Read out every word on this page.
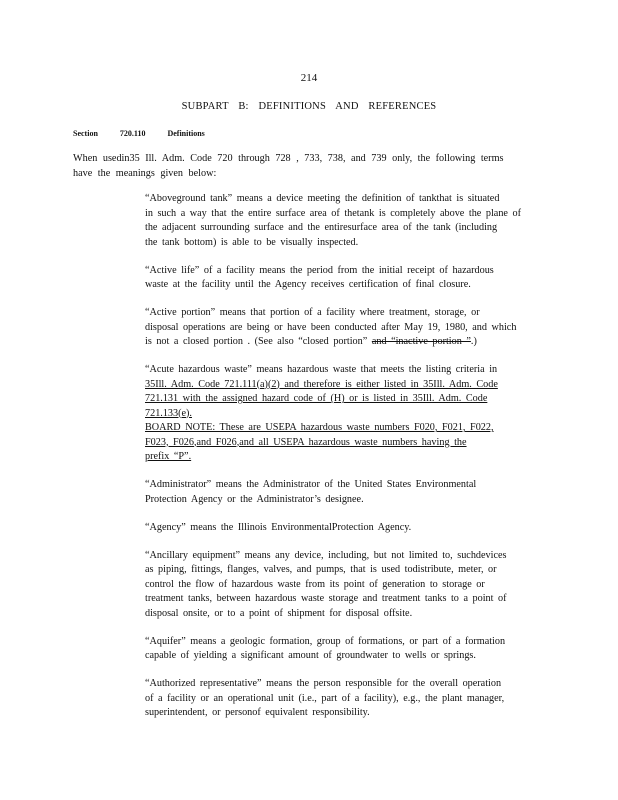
214
SUBPART B: DEFINITIONS AND REFERENCES
Section	720.110	Definitions
When usedin35 Ill. Adm. Code 720 through 728 , 733, 738, and 739 only, the following terms
have the meanings given below:
“Aboveground tank” means a device meeting the definition of tankthat is situated
in such a way that the entire surface area of thetank is completely above the plane of
the adjacent surrounding surface and the entiresurface area of the tank (including
the tank bottom) is able to be visually inspected.
“Active life” of a facility means the period from the initial receipt of hazardous
waste at the facility until the Agency receives certification of final closure.
“Active portion” means that portion of a facility where treatment, storage, or
disposal operations are being or have been conducted after May 19, 1980, and which
is not a closed portion . (See also “closed portion” and “inactive portion ”.)
“Acute hazardous waste” means hazardous waste that meets the listing criteria in
35Ill. Adm. Code 721.111(a)(2) and therefore is either listed in 35Ill. Adm. Code
721.131 with the assigned hazard code of (H) or is listed in 35Ill. Adm. Code
721.133(e).
BOARD NOTE: These are USEPA hazardous waste numbers F020, F021, F022,
F023, F026,and F026,and all USEPA hazardous waste numbers having the
prefix “P”.
“Administrator” means the Administrator of the United States Environmental
Protection Agency or the Administrator’s designee.
“Agency” means the Illinois EnvironmentalProtection Agency.
“Ancillary equipment” means any device, including, but not limited to, suchdevices
as piping, fittings, flanges, valves, and pumps, that is used todistribute, meter, or
control the flow of hazardous waste from its point of generation to storage or
treatment tanks, between hazardous waste storage and treatment tanks to a point of
disposal onsite, or to a point of shipment for disposal offsite.
“Aquifer” means a geologic formation, group of formations, or part of a formation
capable of yielding a significant amount of groundwater to wells or springs.
“Authorized representative” means the person responsible for the overall operation
of a facility or an operational unit (i.e., part of a facility), e.g., the plant manager,
superintendent, or personof equivalent responsibility.
